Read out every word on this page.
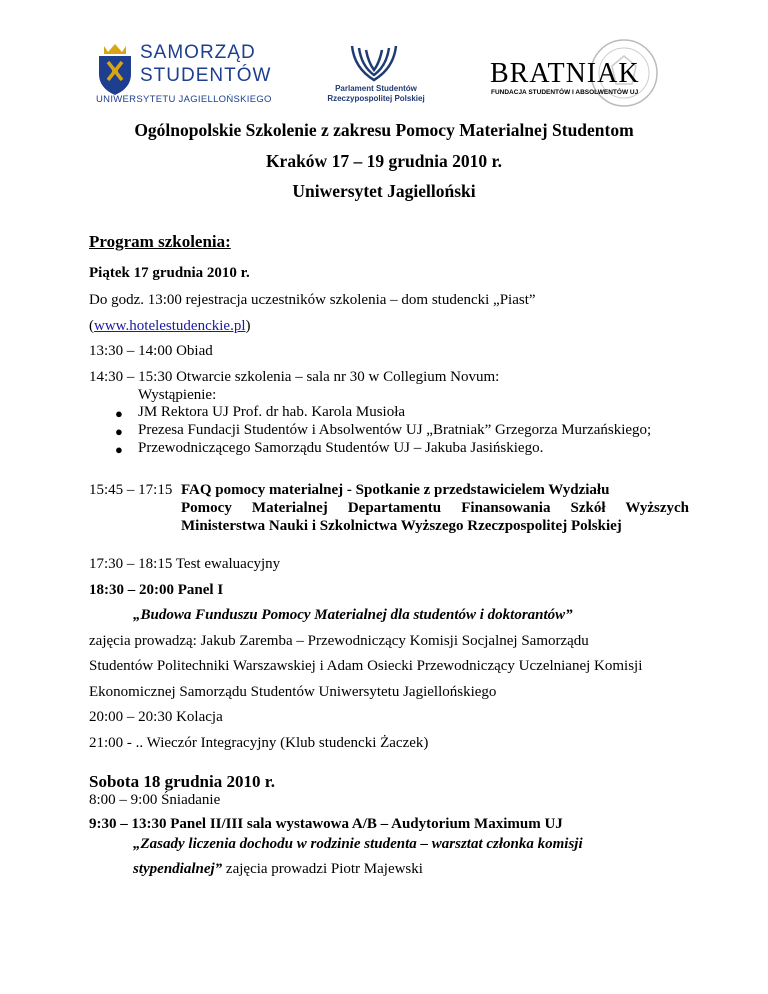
SAMORZĄD
STUDENTÓW
UNIWERSYTETU JAGIELLOŃSKIEGO
Parlament Studentów
Rzeczypospolitej Polskiej
BRATNIAK
FUNDACJA STUDENTÓW I ABSOLWENTÓW UJ
Ogólnopolskie Szkolenie z zakresu Pomocy Materialnej Studentom
Kraków 17 – 19 grudnia 2010 r.
Uniwersytet Jagielloński
Program szkolenia:
Piątek 17 grudnia 2010 r.
Do godz. 13:00 rejestracja uczestników szkolenia – dom studencki „Piast”
(www.hotelestudenckie.pl)
13:30 – 14:00 Obiad
14:30 – 15:30 Otwarcie szkolenia – sala nr 30 w Collegium Novum:
Wystąpienie:
● JM Rektora UJ Prof. dr hab. Karola Musioła
● Prezesa Fundacji Studentów i Absolwentów UJ „Bratniak” Grzegorza Murzańskiego;
● Przewodniczącego Samorządu Studentów UJ – Jakuba Jasińskiego.
15:45 – 17:15 FAQ pomocy materialnej - Spotkanie z przedstawicielem Wydziału
Pomocy Materialnej Departamentu Finansowania Szkół Wyższych
Ministerstwa Nauki i Szkolnictwa Wyższego Rzeczpospolitej Polskiej
17:30 – 18:15 Test ewaluacyjny
18:30 – 20:00 Panel I
„Budowa Funduszu Pomocy Materialnej dla studentów i doktorantów”
zajęcia prowadzą: Jakub Zaremba – Przewodniczący Komisji Socjalnej Samorządu
Studentów Politechniki Warszawskiej i Adam Osiecki Przewodniczący Uczelnianej Komisji
Ekonomicznej Samorządu Studentów Uniwersytetu Jagiellońskiego
20:00 – 20:30 Kolacja
21:00 - .. Wieczór Integracyjny (Klub studencki Żaczek)
Sobota 18 grudnia 2010 r.
8:00 – 9:00 Śniadanie
9:30 – 13:30 Panel II/III sala wystawowa A/B – Audytorium Maximum UJ
„Zasady liczenia dochodu w rodzinie studenta – warsztat członka komisji
stypendialnej” zajęcia prowadzi Piotr Majewski
